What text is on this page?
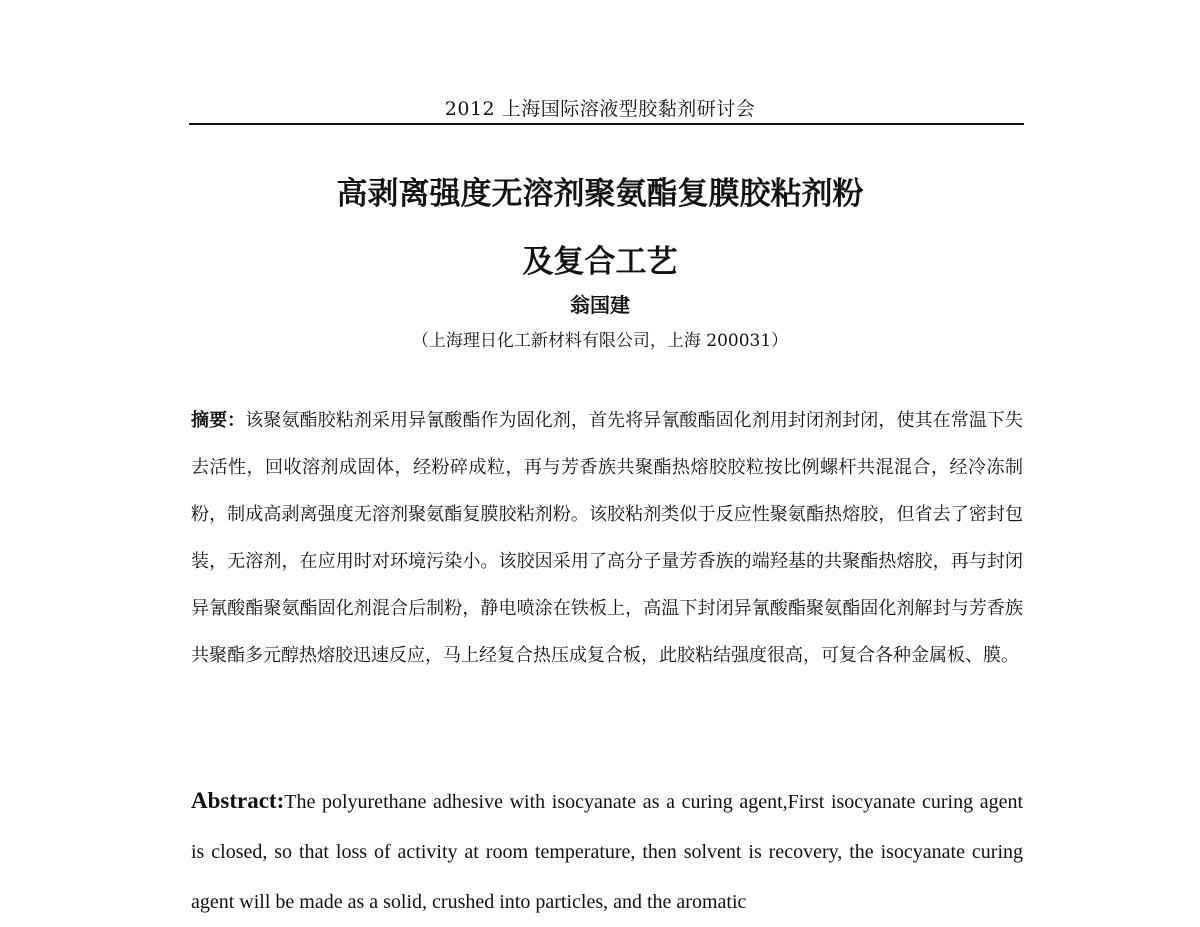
2012 上海国际溶液型胶黏剂研讨会
高剥离强度无溶剂聚氨酯复膜胶粘剂粉
及复合工艺
翁国建
（上海理日化工新材料有限公司，上海 200031）
摘要：该聚氨酯胶粘剂采用异氰酸酯作为固化剂，首先将异氰酸酯固化剂用封闭剂封闭，使其在常温下失去活性，回收溶剂成固体，经粉碎成粒，再与芳香族共聚酯热熔胶胶粒按比例螺杆共混混合，经冷冻制粉，制成高剥离强度无溶剂聚氨酯复膜胶粘剂粉。该胶粘剂类似于反应性聚氨酯热熔胶，但省去了密封包装，无溶剂，在应用时对环境污染小。该胶因采用了高分子量芳香族的端羟基的共聚酯热熔胶，再与封闭异氰酸酯聚氨酯固化剂混合后制粉，静电喷涂在铁板上，高温下封闭异氰酸酯聚氨酯固化剂解封与芳香族共聚酯多元醇热熔胶迅速反应，马上经复合热压成复合板，此胶粘结强度很高，可复合各种金属板、膜。
Abstract:The polyurethane adhesive with isocyanate as a curing agent,First isocyanate curing agent is closed, so that loss of activity at room temperature, then solvent is recovery, the isocyanate curing agent will be made as a solid, crushed into particles, and the aromatic
